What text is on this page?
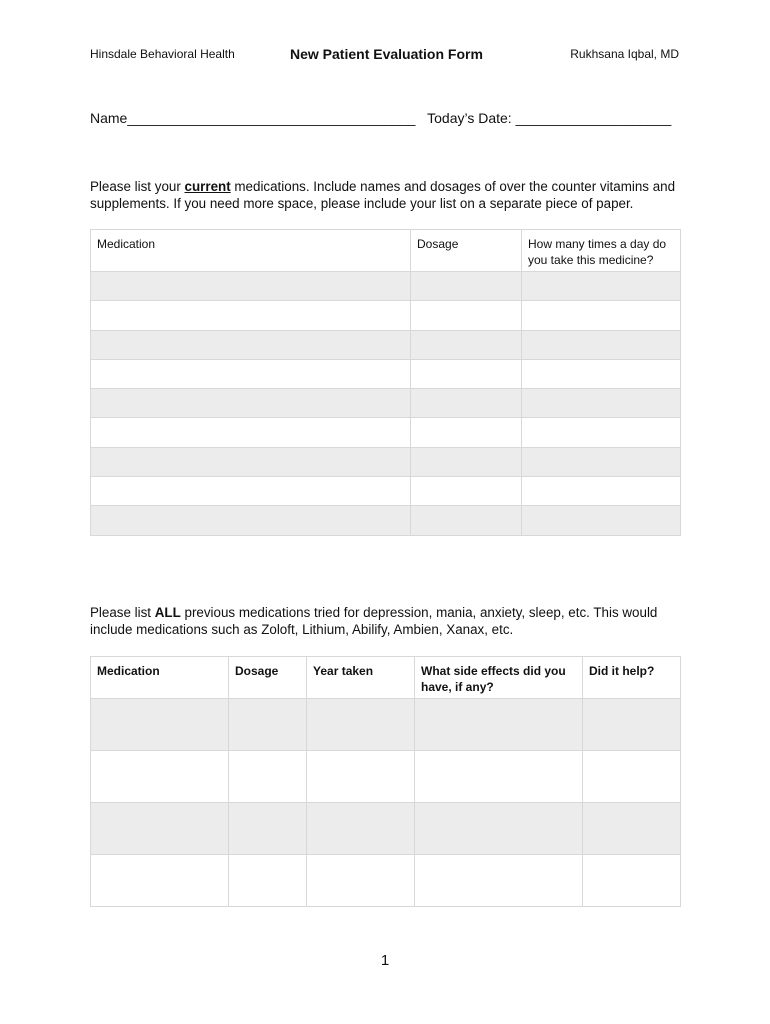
Hinsdale Behavioral Health	New Patient Evaluation Form	Rukhsana Iqbal, MD
Name_____________________________________ Today’s Date: ____________________
Please list your current medications. Include names and dosages of over the counter vitamins and supplements. If you need more space, please include your list on a separate piece of paper.
Medication	Dosage	How many times a day do you take this medicine?

Please list ALL previous medications tried for depression, mania, anxiety, sleep, etc. This would include medications such as Zoloft, Lithium, Abilify, Ambien, Xanax, etc.
Medication	Dosage	Year taken	What side effects did you have, if any?	Did it help?

1
